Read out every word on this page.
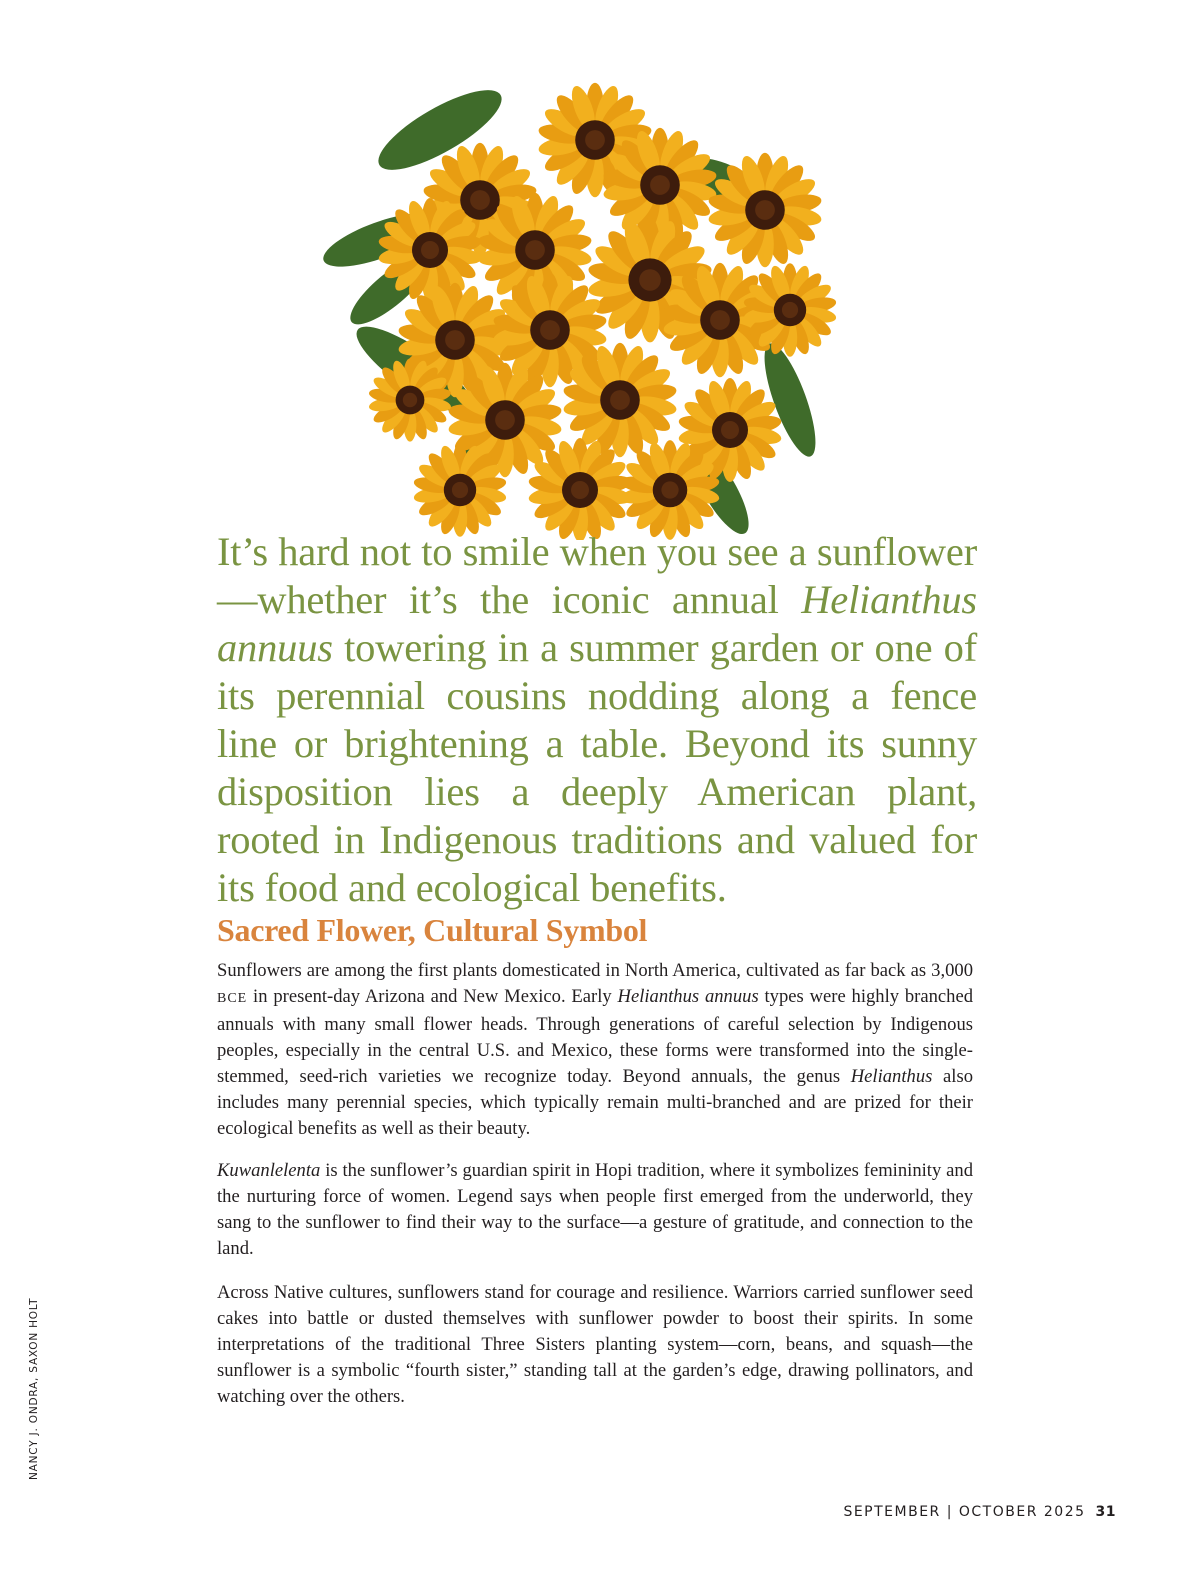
It’s hard not to smile when you see a sunflower—whether it’s the iconic annual Helianthus annuus towering in a summer garden or one of its perennial cousins nodding along a fence line or brightening a table. Beyond its sunny disposition lies a deeply American plant, rooted in Indigenous traditions and valued for its food and ecological benefits.

Sacred Flower, Cultural Symbol

Sunflowers are among the first plants domesticated in North America, cultivated as far back as 3,000 BCE in present-day Arizona and New Mexico. Early Helianthus annuus types were highly branched annuals with many small flower heads. Through generations of careful selection by Indigenous peoples, especially in the central U.S. and Mexico, these forms were transformed into the single-stemmed, seed-rich varieties we recognize today. Beyond annuals, the genus Helianthus also includes many perennial species, which typically remain multi-branched and are prized for their ecological benefits as well as their beauty.

Kuwanlelenta is the sunflower’s guardian spirit in Hopi tradition, where it symbolizes femininity and the nurturing force of women. Legend says when people first emerged from the underworld, they sang to the sunflower to find their way to the surface—a gesture of gratitude, and connection to the land.

Across Native cultures, sunflowers stand for courage and resilience. Warriors carried sunflower seed cakes into battle or dusted themselves with sunflower powder to boost their spirits. In some interpretations of the traditional Three Sisters planting system—corn, beans, and squash—the sunflower is a symbolic “fourth sister,” standing tall at the garden’s edge, drawing pollinators, and watching over the others.

NANCY J. ONDRA, SAXON HOLT
SEPTEMBER | OCTOBER 2025 31
